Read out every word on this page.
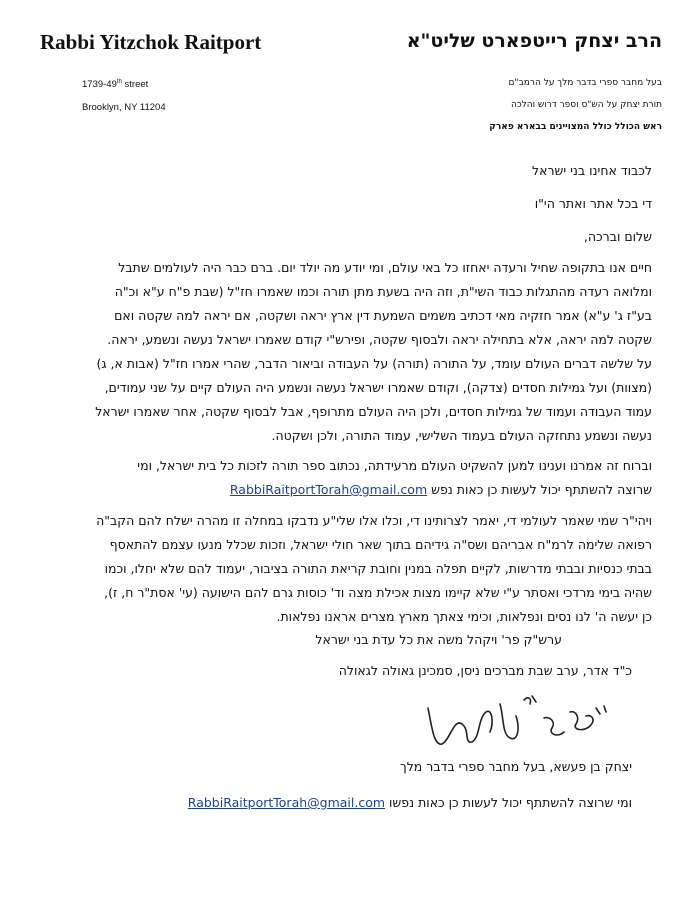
Rabbi Yitzchok Raitport
1739-49th street
Brooklyn, NY 11204
הרב יצחק רייטפארט שליט"א
בעל מחבר ספרי בדבר מלך על הרמב"ם
תורת יצחק על הש"ס וספר דרוש והלכה
ראש הכולל כולל המצויינים בבארא פארק
לכבוד אחינו בני ישראל
די בכל אתר ואתר הי"ו
שלום וברכה,
חיים אנו בתקופה שחיל ורעדה יאחזו כל באי עולם, ומי יודע מה יולד יום. ברם כבר היה לעולמים שתבל
ומלואה רעדה מהתגלות כבוד השי"ת, וזה היה בשעת מתן תורה וכמו שאמרו חז"ל (שבת פ"ח ע"א וכ"ה
בע"ז ג' ע"א) אמר חזקיה מאי דכתיב משמים השמעת דין ארץ יראה ושקטה, אם יראה למה שקטה ואם
שקטה למה יראה, אלא בתחילה יראה ולבסוף שקטה, ופירש"י קודם שאמרו ישראל נעשה ונשמע, יראה.
על שלשה דברים העולם עומד, על התורה (תורה) על העבודה ובי‍אור הדבר, שהרי אמרו חז"ל (אבות א, ג)
(מצוות) ועל גמילות חסדים (צדקה), וקודם שאמרו ישראל נעשה ונשמע היה העולם קיים על שני עמודים,
עמוד העבודה ועמוד של גמילות חסדים, ולכן היה העולם מתרופף, אבל לבסוף שקטה, אחר שאמרו ישראל
נעשה ונשמע נתחזקה העולם בעמוד השלישי, עמוד התורה, ולכן ושקטה.
וברוח זה אמרנו וענינו למען להשקיט העולם מרעידתה, נכתוב ספר תורה לזכות כל בית ישראל, ומי
שרוצה להשתתף יכול לעשות כן כאות נפש RabbiRaitportTorah@gmail.com
ויהי"ר שמי שאמר לעולמי די, יאמר לצרותינו די, וכלו אלו שלי"ע נדבקו במחלה זו מהרה ישלח להם הקב"ה
רפואה שלימה לרמ"ח אבריהם ושס"ה גידיהם בתוך שאר חולי ישראל, וזכות שכלל מנעו עצמם להתאסף
בבתי כנסיות ובבתי מדרשות, לקיים תפלה במנין וחובת קריאת התורה בציבור, יעמוד להם שלא יחלו, וכמו
שהיה בימי מרדכי ואסתר ע"י שלא קיימו מצות אכילת מצה וד' כוסות גרם להם הישועה (עי' אסת"ר ח, ז),
כן יעשה ה' לנו נסים ונפלאות, וכימי צאתך מארץ מצרים אראנו נפלאות.
ערש"ק פר' ויקהל משה את כל עדת בני ישראל
כ"ד אדר, ערב שבת מברכים ניסן, סמכינן גאולה לגאולה
יצחק בן פעשא, בעל מחבר ספרי בדבר מלך
ומי שרוצה להשתתף יכול לעשות כן כאות נפשו RabbiRaitportTorah@gmail.com
